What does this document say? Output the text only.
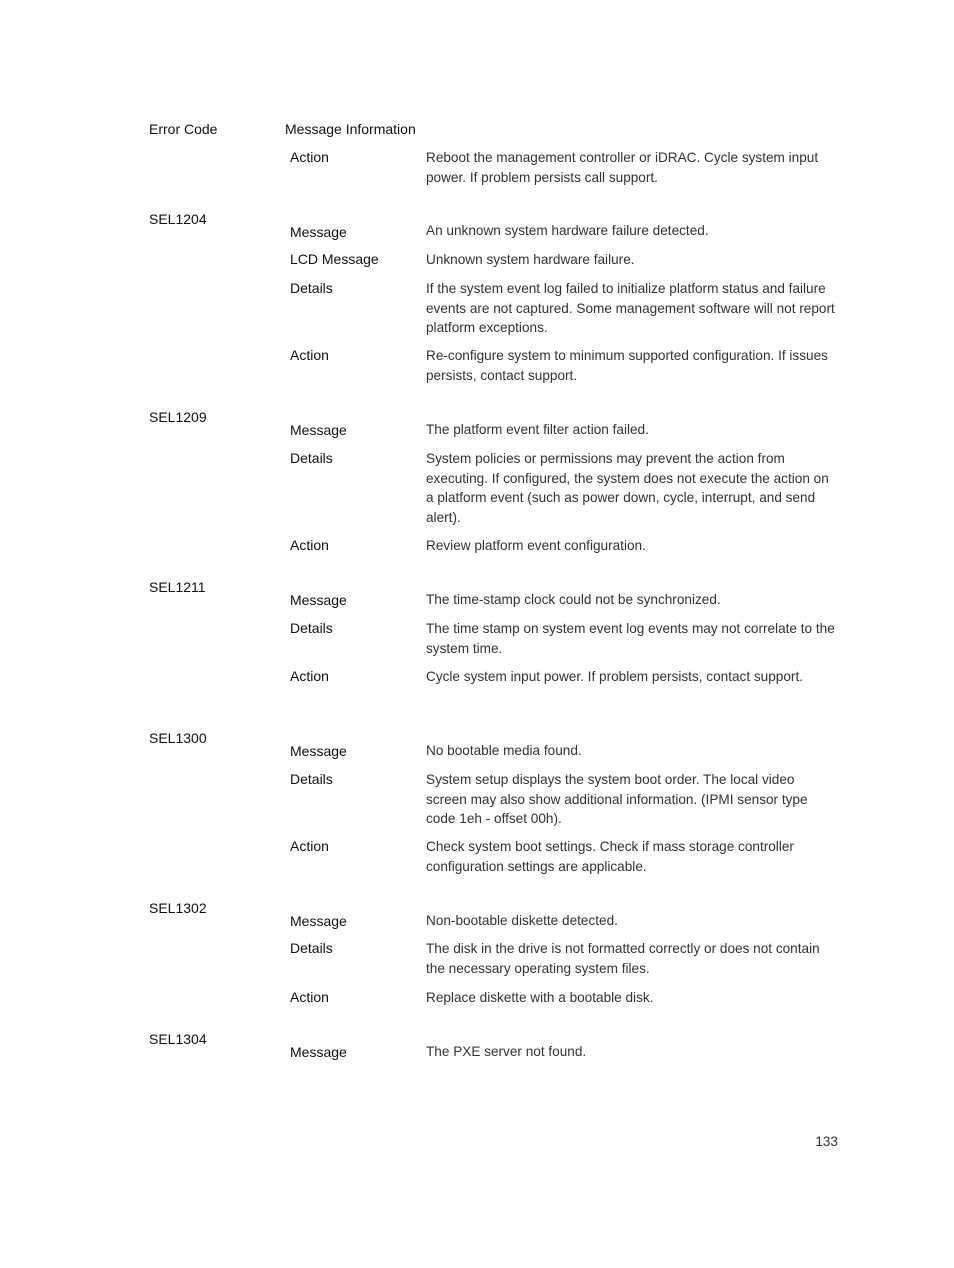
Error Code	Message Information
Action	Reboot the management controller or iDRAC. Cycle system input power. If problem persists call support.
SEL1204
Message	An unknown system hardware failure detected.
LCD Message	Unknown system hardware failure.
Details	If the system event log failed to initialize platform status and failure events are not captured. Some management software will not report platform exceptions.
Action	Re-configure system to minimum supported configuration. If issues persists, contact support.
SEL1209
Message	The platform event filter action failed.
Details	System policies or permissions may prevent the action from executing. If configured, the system does not execute the action on a platform event (such as power down, cycle, interrupt, and send alert).
Action	Review platform event configuration.
SEL1211
Message	The time-stamp clock could not be synchronized.
Details	The time stamp on system event log events may not correlate to the system time.
Action	Cycle system input power. If problem persists, contact support.
SEL1300
Message	No bootable media found.
Details	System setup displays the system boot order. The local video screen may also show additional information. (IPMI sensor type code 1eh - offset 00h).
Action	Check system boot settings. Check if mass storage controller configuration settings are applicable.
SEL1302
Message	Non-bootable diskette detected.
Details	The disk in the drive is not formatted correctly or does not contain the necessary operating system files.
Action	Replace diskette with a bootable disk.
SEL1304
Message	The PXE server not found.
133
